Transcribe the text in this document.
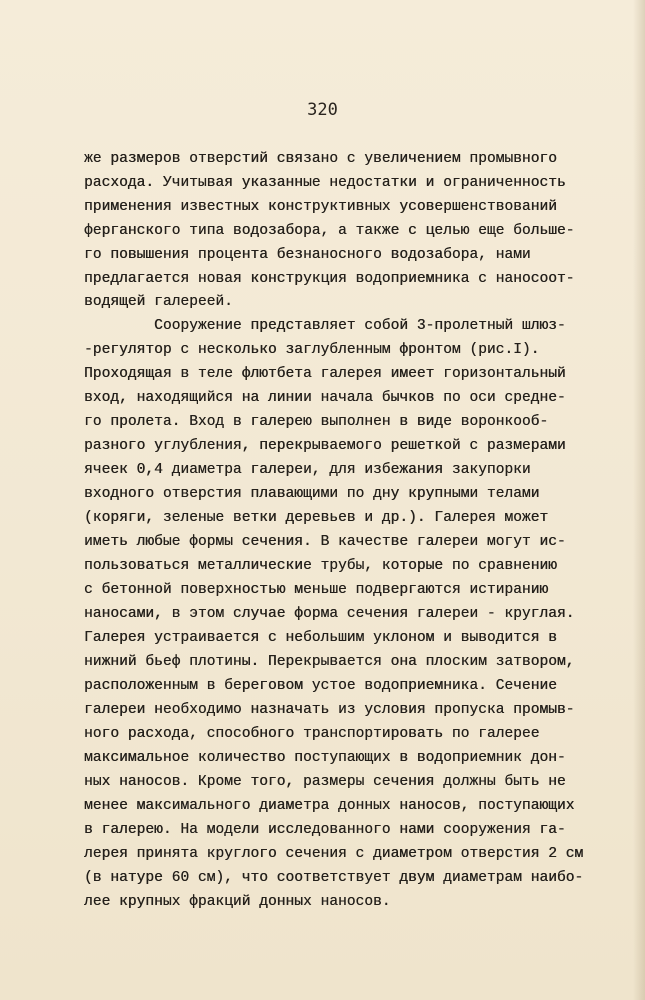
320

же размеров отверстий связано с увеличением промывного

расхода. Учитывая указанные недостатки и ограниченность

применения известных конструктивных усовершенствований

ферганского типа водозабора, а также с целью еще большe-

го повышения процента безнаносного водозабора, нами

предлагается новая конструкция водоприемника с наносоот-

водящей галереей.

Сооружение представляет собой 3-пролетный шлюз-

-регулятор с несколько заглубленным фронтом (рис.I).

Проходящая в теле флютбета галерея имеет горизонтальный

вход, находящийся на линии начала бычков по оси средне-

го пролета. Вход в галерею выполнен в виде воронкооб-

разного углубления, перекрываемого решеткой с размерами

ячеек 0,4 диаметра галереи, для избежания закупорки

входного отверстия плавающими по дну крупными телами

(коряги, зеленые ветки деревьев и др.). Галерея может

иметь любые формы сечения. В качестве галереи могут ис-

пользоваться металлические трубы, которые по сравнению

с бетонной поверхностью меньше подвергаются истиранию

наносами, в этом случае форма сечения галереи - круглая.

Галерея устраивается с небольшим уклоном и выводится в

нижний бьеф плотины. Перекрывается она плоским затвором,

расположенным в береговом устое водоприемника. Сечение

галереи необходимо назначать из условия пропуска промыв-

ного расхода, способного транспортировать по галерее

максимальное количество поступающих в водоприемник дон-

ных наносов. Кроме того, размеры сечения должны быть не

менее максимального диаметра донных наносов, поступающих

в галерею. На модели исследованного нами сооружения га-

лерея принята круглого сечения с диаметром отверстия 2 см

(в натуре 60 см), что соответствует двум диаметрам наибо-

лее крупных фракций донных наносов.
